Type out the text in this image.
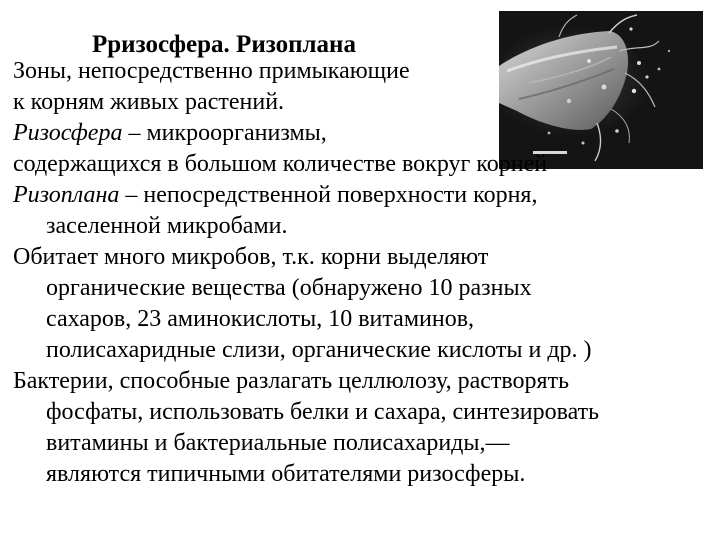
Рризосфера. Ризоплана
Зоны, непосредственно примыкающие
к корням живых растений.
Ризосфера – микроорганизмы,
содержащихся в большом количестве вокруг корней
Ризоплана – непосредственной поверхности корня,
заселенной микробами.
Обитает много микробов, т.к. корни выделяют
органические вещества (обнаружено 10 разных
сахаров, 23 аминокислоты, 10 витаминов,
полисахаридные слизи, органические кислоты и др. )
Бактерии, способные разлагать целлюлозу, растворять
фосфаты, использовать белки и сахара, синтезировать
витамины и бактериальные полисахариды,—
являются типичными обитателями ризосферы.
